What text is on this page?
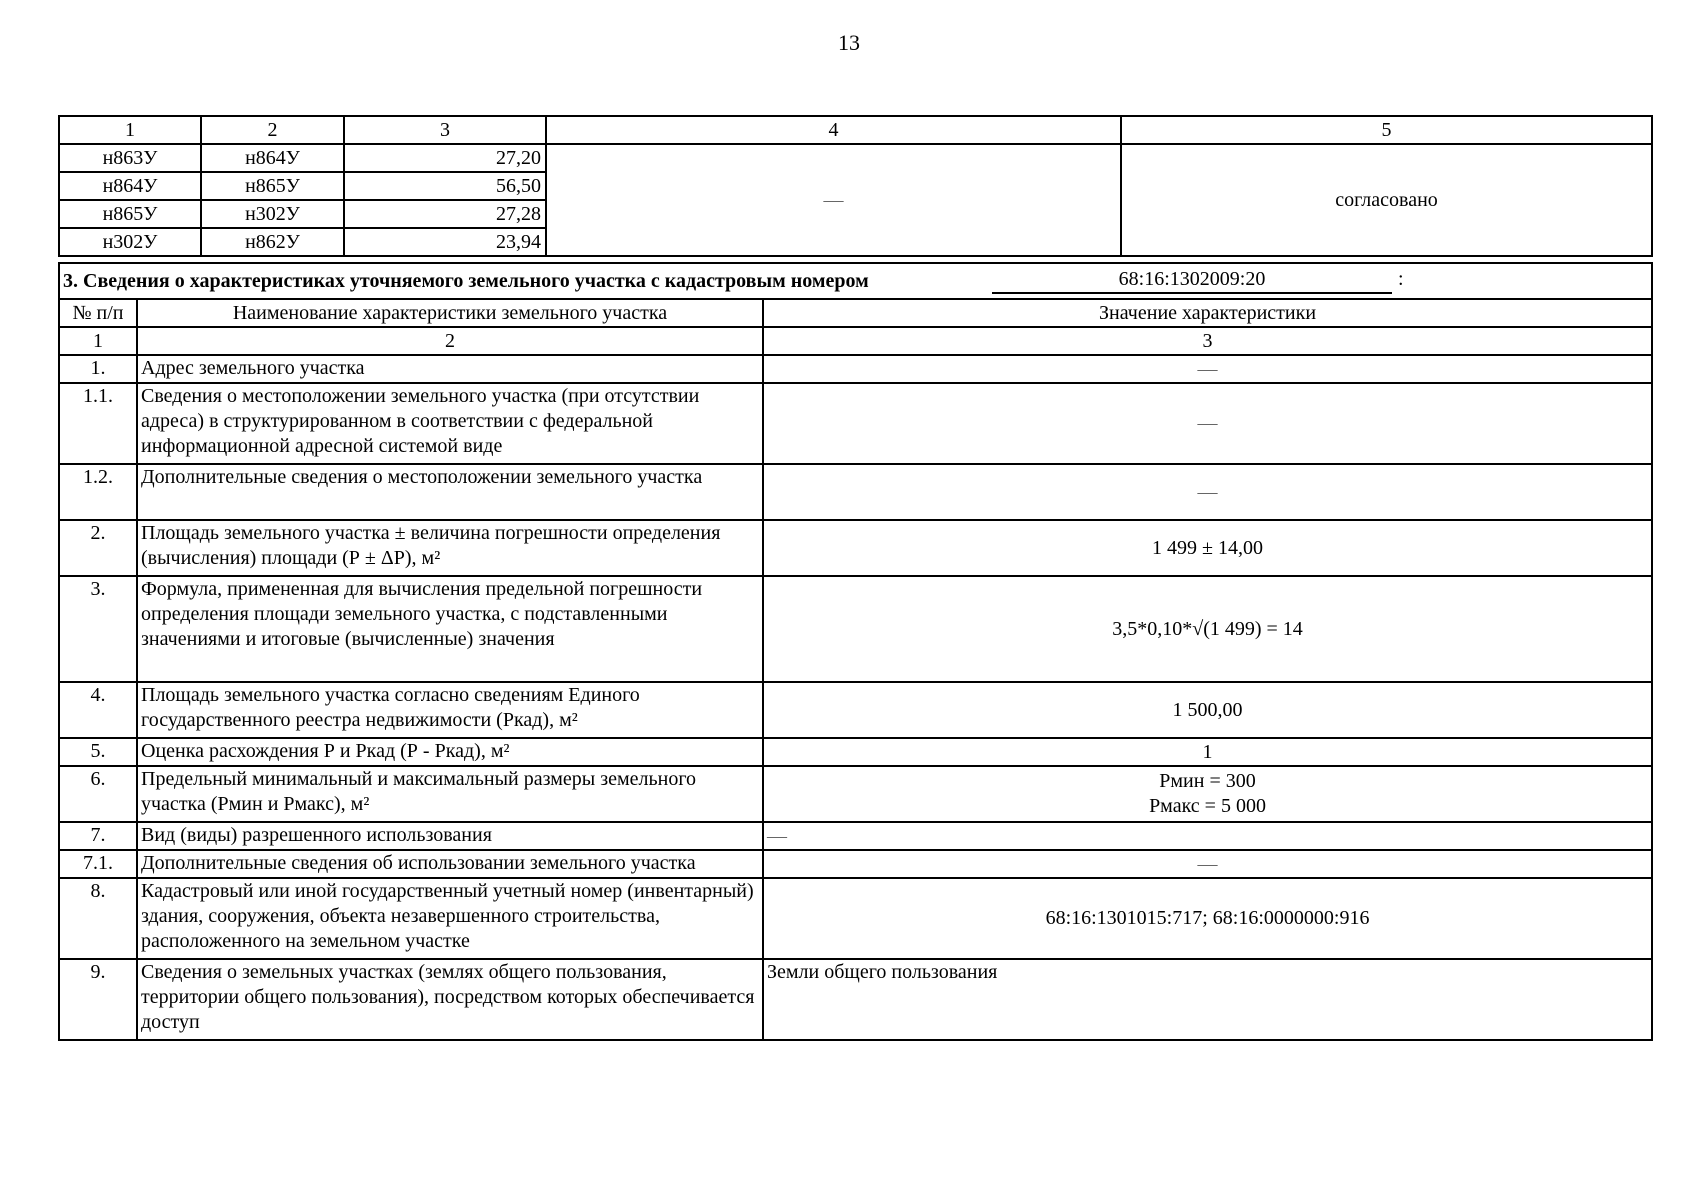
13
1	2	3	4	5
н863У	н864У	27,20	—	согласовано
н864У	н865У	56,50		
н865У	н302У	27,28		
н302У	н862У	23,94		
3. Сведения о характеристиках уточняемого земельного участка с кадастровым номером 68:16:1302009:20 :		

№ п/п	Наименование характеристики земельного участка	Значение характеристики
1	2	3
1.	Адрес земельного участка	—
1.1.	Сведения о местоположении земельного участка (при отсутствии адреса) в структурированном в соответствии с федеральной информационной адресной системой виде	—
1.2.	Дополнительные сведения о местоположении земельного участка	—
2.	Площадь земельного участка ± величина погрешности определения (вычисления) площади (Р ± ΔР), м²	1 499 ± 14,00
3.	Формула, примененная для вычисления предельной погрешности определения площади земельного участка, с подставленными значениями и итоговые (вычисленные) значения	3,5*0,10*√(1 499) = 14
4.	Площадь земельного участка согласно сведениям Единого государственного реестра недвижимости (Ркад), м²	1 500,00
5.	Оценка расхождения Р и Ркад (Р - Ркад), м²	1
6.	Предельный минимальный и максимальный размеры земельного участка (Рмин и Рмакс), м²	Рмин = 300
Рмакс = 5 000

7.	Вид (виды) разрешенного использования	—
7.1.	Дополнительные сведения об использовании земельного участка	—
8.	Кадастровый или иной государственный учетный номер (инвентарный) здания, сооружения, объекта незавершенного строительства, расположенного на земельном участке	68:16:1301015:717; 68:16:0000000:916
9.	Сведения о земельных участках (землях общего пользования, территории общего пользования), посредством которых обеспечивается доступ	Земли общего пользования
